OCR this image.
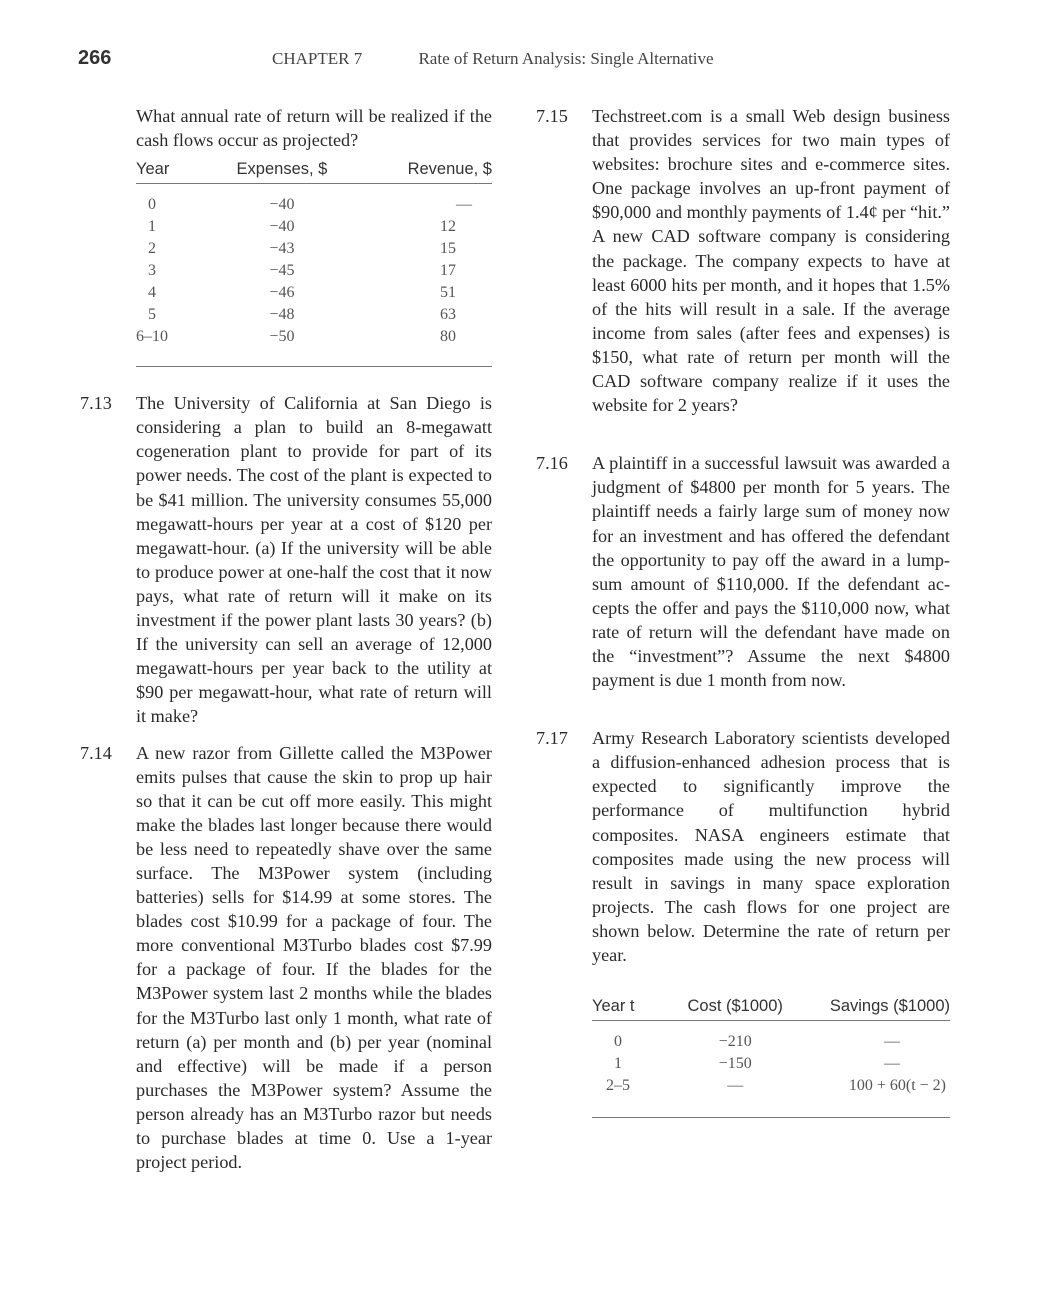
266	CHAPTER 7	Rate of Return Analysis: Single Alternative

What annual rate of return will be realized if the cash flows occur as projected?

Year	Expenses, $	Revenue, $
0	−40	—
1	−40	12
2	−43	15
3	−45	17
4	−46	51
5	−48	63
6–10	−50	80

7.13 The University of California at San Diego is considering a plan to build an 8-megawatt cogeneration plant to provide for part of its power needs. The cost of the plant is expected to be $41 million. The university consumes 55,000 megawatt-hours per year at a cost of $120 per megawatt-hour. (a) If the university will be able to produce power at one-half the cost that it now pays, what rate of return will it make on its investment if the power plant lasts 30 years? (b) If the university can sell an average of 12,000 megawatt-hours per year back to the utility at $90 per megawatt-hour, what rate of return will it make?

7.14 A new razor from Gillette called the M3Power emits pulses that cause the skin to prop up hair so that it can be cut off more easily. This might make the blades last longer because there would be less need to repeatedly shave over the same surface. The M3Power system (including batteries) sells for $14.99 at some stores. The blades cost $10.99 for a package of four. The more conventional M3Turbo blades cost $7.99 for a package of four. If the blades for the M3Power system last 2 months while the blades for the M3Turbo last only 1 month, what rate of return (a) per month and (b) per year (nominal and effective) will be made if a person purchases the M3Power system? Assume the person already has an M3Turbo razor but needs to purchase blades at time 0. Use a 1-year project period.

7.15 Techstreet.com is a small Web design business that provides services for two main types of websites: brochure sites and e-commerce sites. One package involves an up-front payment of $90,000 and monthly payments of 1.4¢ per “hit.” A new CAD software company is considering the package. The company expects to have at least 6000 hits per month, and it hopes that 1.5% of the hits will result in a sale. If the average income from sales (after fees and expenses) is $150, what rate of return per month will the CAD software company realize if it uses the website for 2 years?

7.16 A plaintiff in a successful lawsuit was awarded a judgment of $4800 per month for 5 years. The plaintiff needs a fairly large sum of money now for an investment and has offered the defendant the opportunity to pay off the award in a lump-sum amount of $110,000. If the defendant accepts the offer and pays the $110,000 now, what rate of return will the defendant have made on the “investment”? Assume the next $4800 payment is due 1 month from now.

7.17 Army Research Laboratory scientists developed a diffusion-enhanced adhesion process that is expected to significantly improve the performance of multifunction hybrid composites. NASA engineers estimate that composites made using the new process will result in savings in many space exploration projects. The cash flows for one project are shown below. Determine the rate of return per year.

Year t	Cost ($1000)	Savings ($1000)
0	−210	—
1	−150	—
2–5	—	100 + 60(t − 2)
